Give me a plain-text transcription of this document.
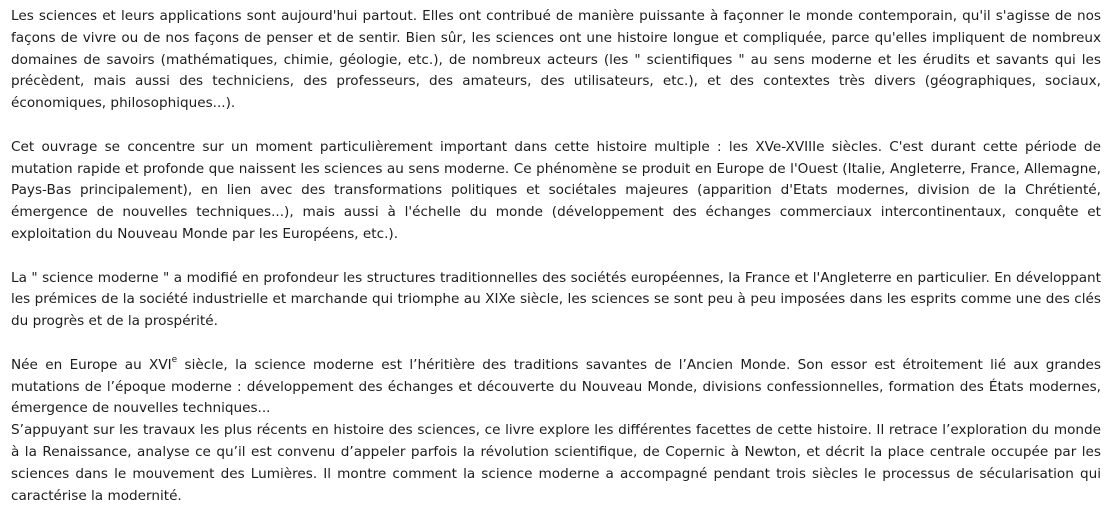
Les sciences et leurs applications sont aujourd'hui partout. Elles ont contribué de manière puissante à façonner le monde contemporain, qu'il s'agisse de nos façons de vivre ou de nos façons de penser et de sentir. Bien sûr, les sciences ont une histoire longue et compliquée, parce qu'elles impliquent de nombreux domaines de savoirs (mathématiques, chimie, géologie, etc.), de nombreux acteurs (les " scientifiques " au sens moderne et les érudits et savants qui les précèdent, mais aussi des techniciens, des professeurs, des amateurs, des utilisateurs, etc.), et des contextes très divers (géographiques, sociaux, économiques, philosophiques...).

Cet ouvrage se concentre sur un moment particulièrement important dans cette histoire multiple : les XVe-XVIIIe siècles. C'est durant cette période de mutation rapide et profonde que naissent les sciences au sens moderne. Ce phénomène se produit en Europe de l'Ouest (Italie, Angleterre, France, Allemagne, Pays-Bas principalement), en lien avec des transformations politiques et sociétales majeures (apparition d'Etats modernes, division de la Chrétienté, émergence de nouvelles techniques...), mais aussi à l'échelle du monde (développement des échanges commerciaux intercontinentaux, conquête et exploitation du Nouveau Monde par les Européens, etc.).

La " science moderne " a modifié en profondeur les structures traditionnelles des sociétés européennes, la France et l'Angleterre en particulier. En développant les prémices de la société industrielle et marchande qui triomphe au XIXe siècle, les sciences se sont peu à peu imposées dans les esprits comme une des clés du progrès et de la prospérité.

Née en Europe au XVIe siècle, la science moderne est l’héritière des traditions savantes de l’Ancien Monde. Son essor est étroitement lié aux grandes mutations de l’époque moderne : développement des échanges et découverte du Nouveau Monde, divisions confessionnelles, formation des États modernes, émergence de nouvelles techniques...

S’appuyant sur les travaux les plus récents en histoire des sciences, ce livre explore les différentes facettes de cette histoire. Il retrace l’exploration du monde à la Renaissance, analyse ce qu’il est convenu d’appeler parfois la révolution scientifique, de Copernic à Newton, et décrit la place centrale occupée par les sciences dans le mouvement des Lumières. Il montre comment la science moderne a accompagné pendant trois siècles le processus de sécularisation qui caractérise la modernité.
